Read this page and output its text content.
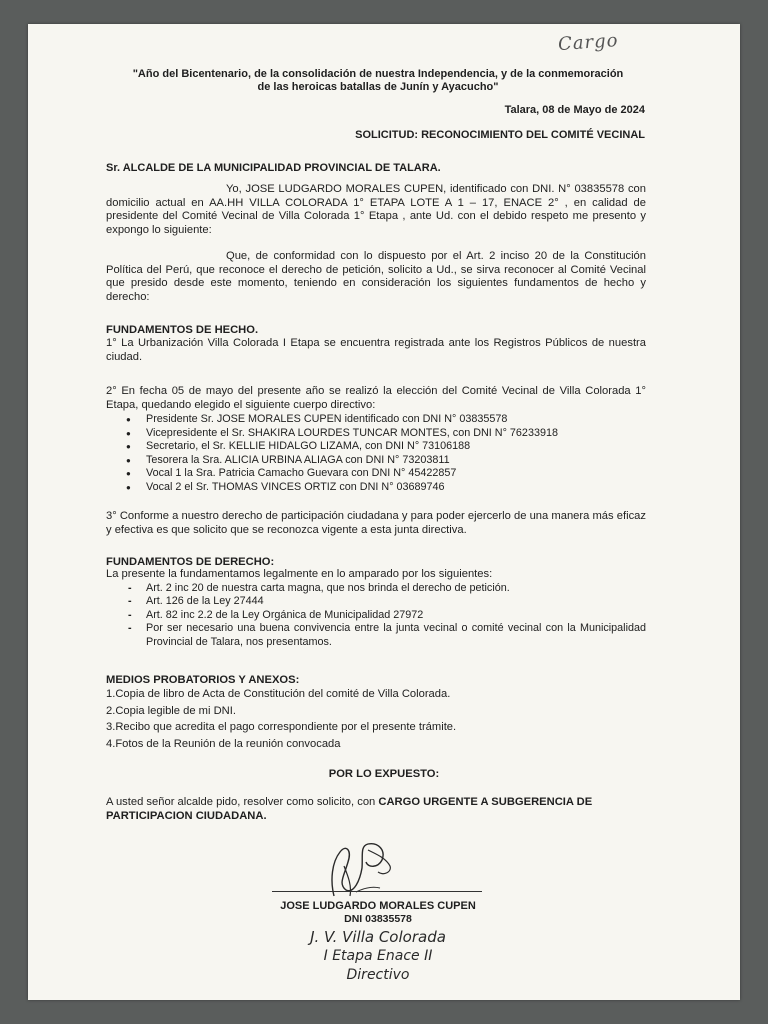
Cargo
"Año del Bicentenario, de la consolidación de nuestra Independencia, y de la conmemoración
de las heroicas batallas de Junín y Ayacucho"
Talara, 08 de Mayo de 2024
SOLICITUD: RECONOCIMIENTO DEL COMITÉ VECINAL
Sr. ALCALDE DE LA MUNICIPALIDAD PROVINCIAL DE TALARA.
Yo, JOSE LUDGARDO MORALES CUPEN, identificado con DNI. N° 03835578 con domicilio actual en AA.HH VILLA COLORADA 1° ETAPA LOTE A 1 – 17, ENACE 2° , en calidad de presidente del Comité Vecinal de Villa Colorada 1° Etapa , ante Ud. con el debido respeto me presento y expongo lo siguiente:
Que, de conformidad con lo dispuesto por el Art. 2 inciso 20 de la Constitución Política del Perú, que reconoce el derecho de petición, solicito a Ud., se sirva reconocer al Comité Vecinal que presido desde este momento, teniendo en consideración los siguientes fundamentos de hecho y derecho:
FUNDAMENTOS DE HECHO.
1° La Urbanización Villa Colorada I Etapa se encuentra registrada ante los Registros Públicos de nuestra ciudad.
2° En fecha 05 de mayo del presente año se realizó la elección del Comité Vecinal de Villa Colorada 1° Etapa, quedando elegido el siguiente cuerpo directivo:
● Presidente Sr. JOSE MORALES CUPEN identificado con DNI N° 03835578
● Vicepresidente el Sr. SHAKIRA LOURDES TUNCAR MONTES, con DNI N° 76233918
● Secretario, el Sr. KELLIE HIDALGO LIZAMA, con DNI N° 73106188
● Tesorera la Sra. ALICIA URBINA ALIAGA con DNI N° 73203811
● Vocal 1 la Sra. Patricia Camacho Guevara con DNI N° 45422857
● Vocal 2 el Sr. THOMAS VINCES ORTIZ con DNI N° 03689746
3° Conforme a nuestro derecho de participación ciudadana y para poder ejercerlo de una manera más eficaz y efectiva es que solicito que se reconozca vigente a esta junta directiva.
FUNDAMENTOS DE DERECHO:
La presente la fundamentamos legalmente en lo amparado por los siguientes:
- Art. 2 inc 20 de nuestra carta magna, que nos brinda el derecho de petición.
- Art. 126 de la Ley 27444
- Art. 82 inc 2.2 de la Ley Orgánica de Municipalidad 27972
- Por ser necesario una buena convivencia entre la junta vecinal o comité vecinal con la Municipalidad Provincial de Talara, nos presentamos.
MEDIOS PROBATORIOS Y ANEXOS:
1.Copia de libro de Acta de Constitución del comité de Villa Colorada.
2.Copia legible de mi DNI.
3.Recibo que acredita el pago correspondiente por el presente trámite.
4.Fotos de la Reunión de la reunión convocada
POR LO EXPUESTO:
A usted señor alcalde pido, resolver como solicito, con CARGO URGENTE A SUBGERENCIA DE PARTICIPACION CIUDADANA.
JOSE LUDGARDO MORALES CUPEN
DNI 03835578
J. V. Villa Colorada
I Etapa Enace II
Directivo
